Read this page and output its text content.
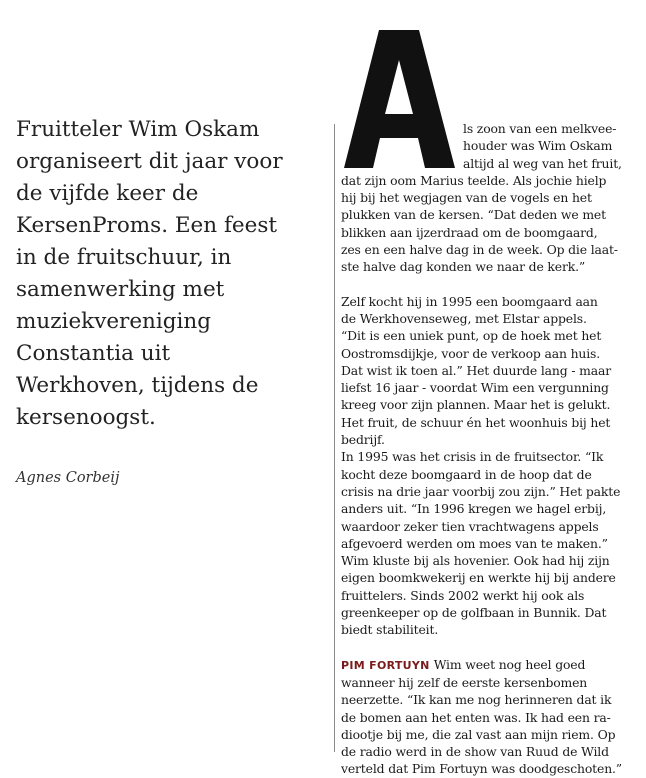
Fruitteler Wim Oskam
organiseert dit jaar voor
de vijfde keer de
KersenProms. Een feest
in de fruitschuur, in
samenwerking met
muziekvereniging
Constantia uit
Werkhoven, tijdens de
kersenoogst.

Agnes Corbeij

A

ls zoon van een melkvee-

houder was Wim Oskam

altijd al weg van het fruit,

dat zijn oom Marius teelde. Als jochie hielp

hij bij het wegjagen van de vogels en het

plukken van de kersen. “Dat deden we met

blikken aan ijzerdraad om de boomgaard,

zes en een halve dag in de week. Op die laat-

ste halve dag konden we naar de kerk.”

Zelf kocht hij in 1995 een boomgaard aan

de Werkhovenseweg, met Elstar appels.

“Dit is een uniek punt, op de hoek met het

Oostromsdijkje, voor de verkoop aan huis.

Dat wist ik toen al.” Het duurde lang - maar

liefst 16 jaar - voordat Wim een vergunning

kreeg voor zijn plannen. Maar het is gelukt.

Het fruit, de schuur én het woonhuis bij het

bedrijf.

In 1995 was het crisis in de fruitsector. “Ik

kocht deze boomgaard in de hoop dat de

crisis na drie jaar voorbij zou zijn.” Het pakte

anders uit. “In 1996 kregen we hagel erbij,

waardoor zeker tien vrachtwagens appels

afgevoerd werden om moes van te maken.”

Wim kluste bij als hovenier. Ook had hij zijn

eigen boomkwekerij en werkte hij bij andere

fruittelers. Sinds 2002 werkt hij ook als

greenkeeper op de golfbaan in Bunnik. Dat

biedt stabiliteit.

PIM FORTUYN Wim weet nog heel goed

wanneer hij zelf de eerste kersenbomen

neerzette. “Ik kan me nog herinneren dat ik

de bomen aan het enten was. Ik had een ra-

diootje bij me, die zal vast aan mijn riem. Op

de radio werd in de show van Ruud de Wild

verteld dat Pim Fortuyn was doodgeschoten.”
